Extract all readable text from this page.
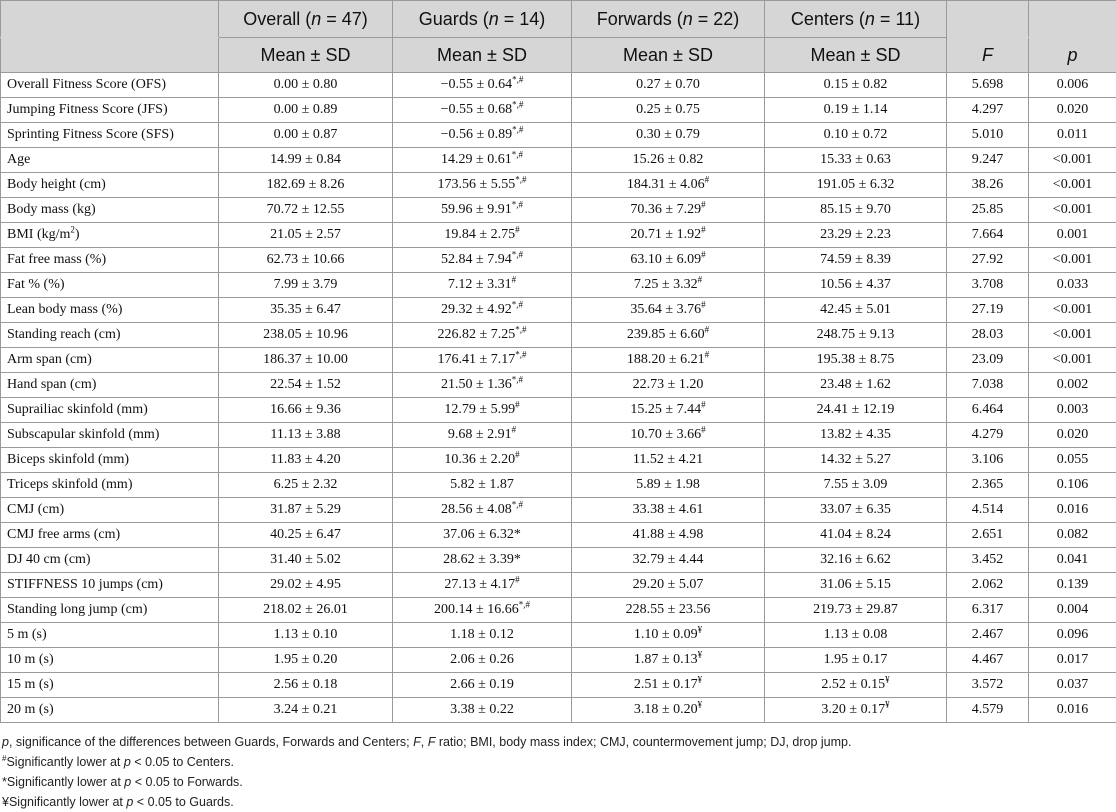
	Overall (n = 47)	Guards (n = 14)	Forwards (n = 22)	Centers (n = 11)		
	Mean ± SD	Mean ± SD	Mean ± SD	Mean ± SD	F	p
Overall Fitness Score (OFS)	0.00 ± 0.80	−0.55 ± 0.64*,#	0.27 ± 0.70	0.15 ± 0.82	5.698	0.006
Jumping Fitness Score (JFS)	0.00 ± 0.89	−0.55 ± 0.68*,#	0.25 ± 0.75	0.19 ± 1.14	4.297	0.020
Sprinting Fitness Score (SFS)	0.00 ± 0.87	−0.56 ± 0.89*,#	0.30 ± 0.79	0.10 ± 0.72	5.010	0.011
Age	14.99 ± 0.84	14.29 ± 0.61*,#	15.26 ± 0.82	15.33 ± 0.63	9.247	<0.001
Body height (cm)	182.69 ± 8.26	173.56 ± 5.55*,#	184.31 ± 4.06#	191.05 ± 6.32	38.26	<0.001
Body mass (kg)	70.72 ± 12.55	59.96 ± 9.91*,#	70.36 ± 7.29#	85.15 ± 9.70	25.85	<0.001
BMI $(kg/m^2)$	21.05 ± 2.57	19.84 ± 2.75#	20.71 ± 1.92#	23.29 ± 2.23	7.664	0.001
Fat free mass (%)	62.73 ± 10.66	52.84 ± 7.94*,#	63.10 ± 6.09#	74.59 ± 8.39	27.92	<0.001
Fat % (%)	7.99 ± 3.79	7.12 ± 3.31#	7.25 ± 3.32#	10.56 ± 4.37	3.708	0.033
Lean body mass (%)	35.35 ± 6.47	29.32 ± 4.92*,#	35.64 ± 3.76#	42.45 ± 5.01	27.19	<0.001
Standing reach (cm)	238.05 ± 10.96	226.82 ± 7.25*,#	239.85 ± 6.60#	248.75 ± 9.13	28.03	<0.001
Arm span (cm)	186.37 ± 10.00	176.41 ± 7.17*,#	188.20 ± 6.21#	195.38 ± 8.75	23.09	<0.001
Hand span (cm)	22.54 ± 1.52	21.50 ± 1.36*,#	22.73 ± 1.20	23.48 ± 1.62	7.038	0.002
Suprailiac skinfold (mm)	16.66 ± 9.36	12.79 ± 5.99#	15.25 ± 7.44#	24.41 ± 12.19	6.464	0.003
Subscapular skinfold (mm)	11.13 ± 3.88	9.68 ± 2.91#	10.70 ± 3.66#	13.82 ± 4.35	4.279	0.020
Biceps skinfold (mm)	11.83 ± 4.20	10.36 ± 2.20#	11.52 ± 4.21	14.32 ± 5.27	3.106	0.055
Triceps skinfold (mm)	6.25 ± 2.32	5.82 ± 1.87	5.89 ± 1.98	7.55 ± 3.09	2.365	0.106
CMJ (cm)	31.87 ± 5.29	28.56 ± 4.08*,#	33.38 ± 4.61	33.07 ± 6.35	4.514	0.016
CMJ free arms (cm)	40.25 ± 6.47	37.06 ± 6.32*	41.88 ± 4.98	41.04 ± 8.24	2.651	0.082
DJ 40 cm (cm)	31.40 ± 5.02	28.62 ± 3.39*	32.79 ± 4.44	32.16 ± 6.62	3.452	0.041
STIFFNESS 10 jumps (cm)	29.02 ± 4.95	27.13 ± 4.17#	29.20 ± 5.07	31.06 ± 5.15	2.062	0.139
Standing long jump (cm)	218.02 ± 26.01	200.14 ± 16.66*,#	228.55 ± 23.56	219.73 ± 29.87	6.317	0.004
5 m (s)	1.13 ± 0.10	1.18 ± 0.12	1.10 ± 0.09¥	1.13 ± 0.08	2.467	0.096
10 m (s)	1.95 ± 0.20	2.06 ± 0.26	1.87 ± 0.13¥	1.95 ± 0.17	4.467	0.017
15 m (s)	2.56 ± 0.18	2.66 ± 0.19	2.51 ± 0.17¥	2.52 ± 0.15¥	3.572	0.037
20 m (s)	3.24 ± 0.21	3.38 ± 0.22	3.18 ± 0.20¥	3.20 ± 0.17¥	4.579	0.016
p, significance of the differences between Guards, Forwards and Centers; F, F ratio; BMI, body mass index; CMJ, countermovement jump; DJ, drop jump.
#Significantly lower at p < 0.05 to Centers.
*Significantly lower at p < 0.05 to Forwards.
¥Significantly lower at p < 0.05 to Guards.
